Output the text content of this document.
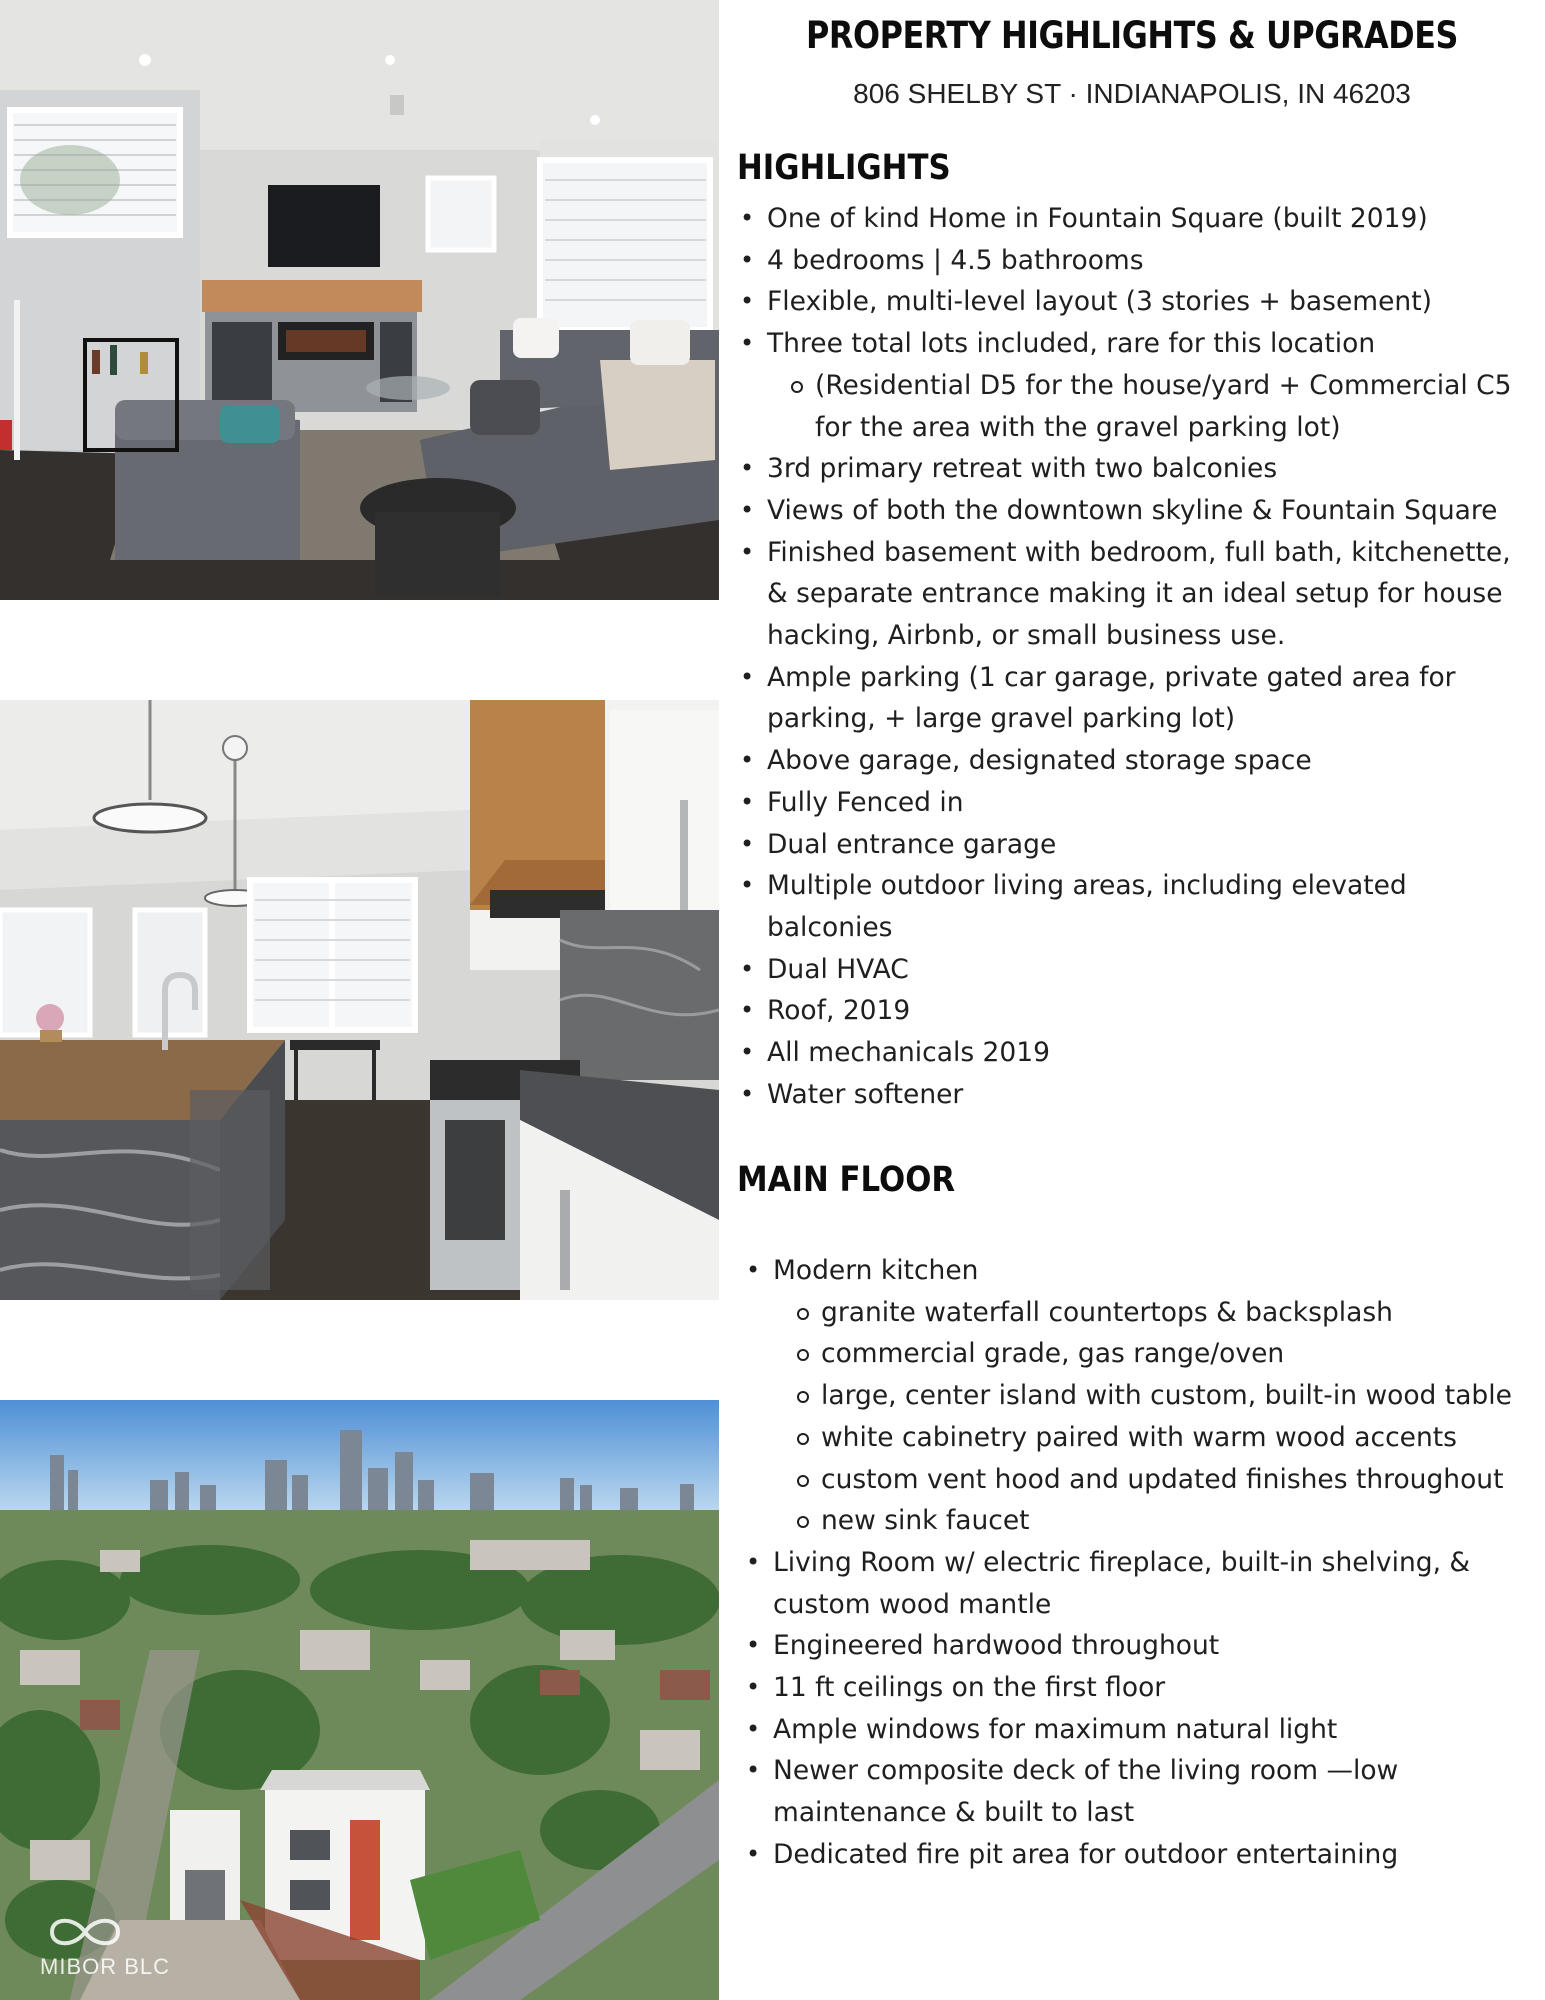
MIBOR BLC
PROPERTY HIGHLIGHTS & UPGRADES
806 SHELBY ST · INDIANAPOLIS, IN 46203
HIGHLIGHTS
• One of kind Home in Fountain Square (built 2019)
• 4 bedrooms | 4.5 bathrooms
• Flexible, multi-level layout (3 stories + basement)
• Three total lots included, rare for this location
(Residential D5 for the house/yard + Commercial C5 for the area with the gravel parking lot)
• 3rd primary retreat with two balconies
• Views of both the downtown skyline & Fountain Square
• Finished basement with bedroom, full bath, kitchenette, & separate entrance making it an ideal setup for house hacking, Airbnb, or small business use.
• Ample parking (1 car garage, private gated area for parking, + large gravel parking lot)
• Above garage, designated storage space
• Fully Fenced in
• Dual entrance garage
• Multiple outdoor living areas, including elevated balconies
• Dual HVAC
• Roof, 2019
• All mechanicals 2019
• Water softener
MAIN FLOOR
• Modern kitchen
granite waterfall countertops & backsplash
commercial grade, gas range/oven
large, center island with custom, built-in wood table
white cabinetry paired with warm wood accents
custom vent hood and updated finishes throughout
new sink faucet
• Living Room w/ electric fireplace, built-in shelving, & custom wood mantle
• Engineered hardwood throughout
• 11 ft ceilings on the first floor
• Ample windows for maximum natural light
• Newer composite deck of the living room —low maintenance & built to last
• Dedicated fire pit area for outdoor entertaining
